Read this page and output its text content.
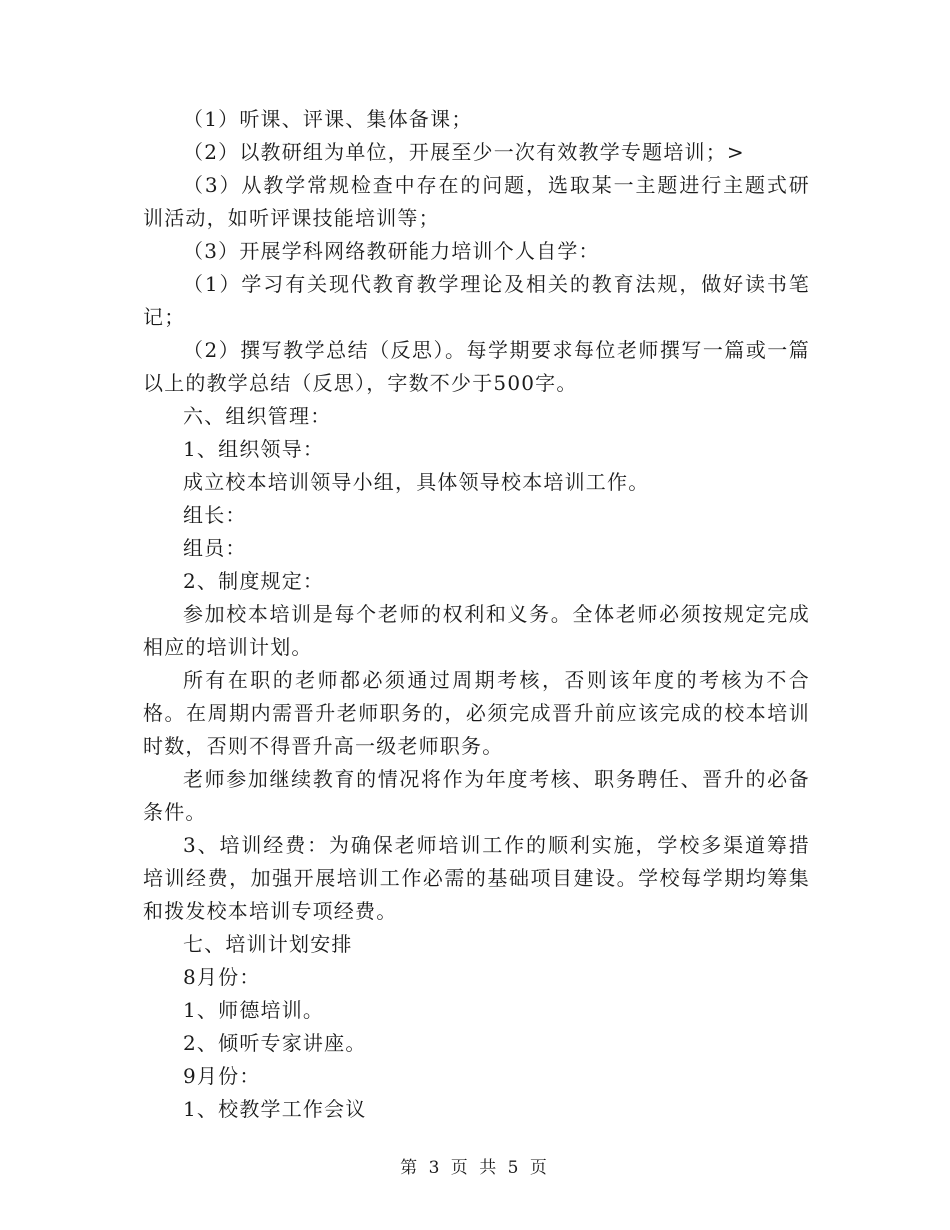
（1）听课、评课、集体备课；

（2）以教研组为单位，开展至少一次有效教学专题培训；>

（3）从教学常规检查中存在的问题，选取某一主题进行主题式研训活动，如听评课技能培训等；

（3）开展学科网络教研能力培训个人自学：

（1）学习有关现代教育教学理论及相关的教育法规，做好读书笔记；

（2）撰写教学总结（反思）。每学期要求每位老师撰写一篇或一篇以上的教学总结（反思），字数不少于500字。

六、组织管理：

1、组织领导：

成立校本培训领导小组，具体领导校本培训工作。

组长：

组员：

2、制度规定：

参加校本培训是每个老师的权利和义务。全体老师必须按规定完成相应的培训计划。

所有在职的老师都必须通过周期考核，否则该年度的考核为不合格。在周期内需晋升老师职务的，必须完成晋升前应该完成的校本培训时数，否则不得晋升高一级老师职务。

老师参加继续教育的情况将作为年度考核、职务聘任、晋升的必备条件。

3、培训经费：为确保老师培训工作的顺利实施，学校多渠道筹措培训经费，加强开展培训工作必需的基础项目建设。学校每学期均筹集和拨发校本培训专项经费。

七、培训计划安排

8月份：

1、师德培训。

2、倾听专家讲座。

9月份：

1、校教学工作会议

第 3 页 共 5 页
